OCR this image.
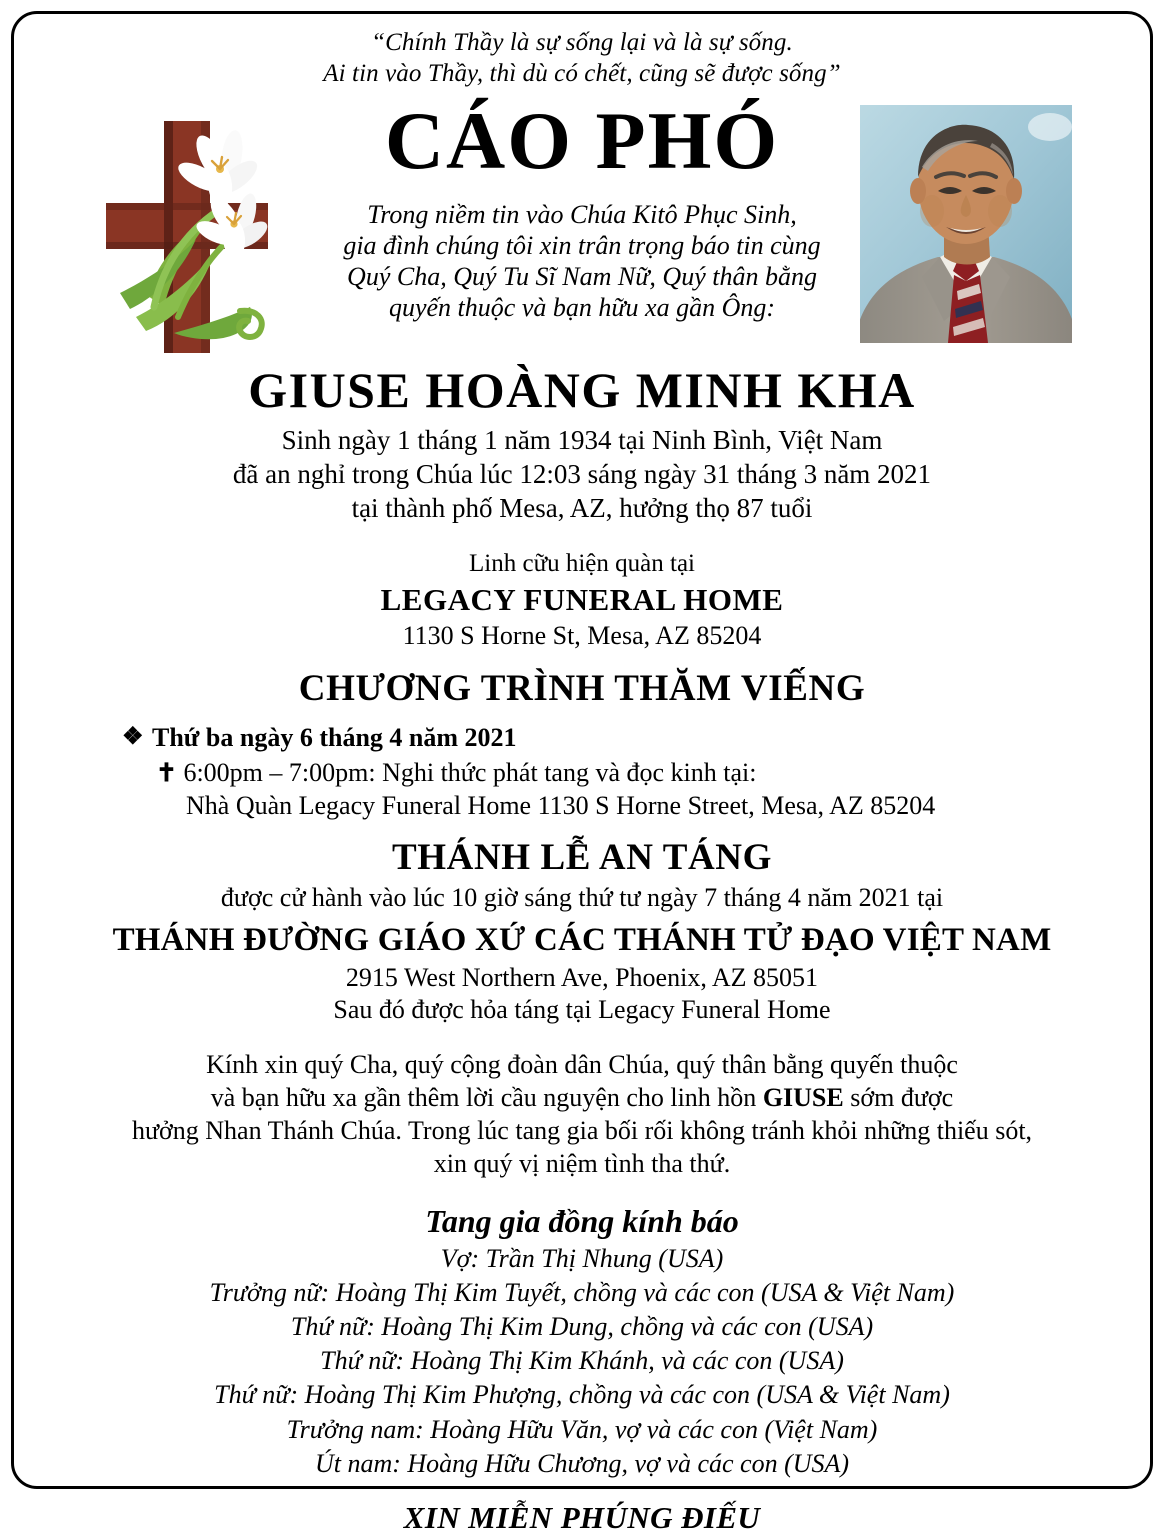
“Chính Thầy là sự sống lại và là sự sống.
Ai tin vào Thầy, thì dù có chết, cũng sẽ được sống”
CÁO PHÓ
Trong niềm tin vào Chúa Kitô Phục Sinh,
gia đình chúng tôi xin trân trọng báo tin cùng
Quý Cha, Quý Tu Sĩ Nam Nữ, Quý thân bằng
quyến thuộc và bạn hữu xa gần Ông:
GIUSE HOÀNG MINH KHA
Sinh ngày 1 tháng 1 năm 1934 tại Ninh Bình, Việt Nam
đã an nghỉ trong Chúa lúc 12:03 sáng ngày 31 tháng 3 năm 2021
tại thành phố Mesa, AZ, hưởng thọ 87 tuổi
Linh cữu hiện quàn tại
LEGACY FUNERAL HOME
1130 S Horne St, Mesa, AZ 85204
CHƯƠNG TRÌNH THĂM VIẾNG
❖ Thứ ba ngày 6 tháng 4 năm 2021
✝ 6:00pm – 7:00pm: Nghi thức phát tang và đọc kinh tại:
Nhà Quàn Legacy Funeral Home 1130 S Horne Street, Mesa, AZ 85204
THÁNH LỄ AN TÁNG
được cử hành vào lúc 10 giờ sáng thứ tư ngày 7 tháng 4 năm 2021 tại
THÁNH ĐƯỜNG GIÁO XỨ CÁC THÁNH TỬ ĐẠO VIỆT NAM
2915 West Northern Ave, Phoenix, AZ 85051
Sau đó được hỏa táng tại Legacy Funeral Home
Kính xin quý Cha, quý cộng đoàn dân Chúa, quý thân bằng quyến thuộc
và bạn hữu xa gần thêm lời cầu nguyện cho linh hồn GIUSE sớm được
hưởng Nhan Thánh Chúa. Trong lúc tang gia bối rối không tránh khỏi những thiếu sót,
xin quý vị niệm tình tha thứ.
Tang gia đồng kính báo
Vợ: Trần Thị Nhung (USA)
Trưởng nữ: Hoàng Thị Kim Tuyết, chồng và các con (USA & Việt Nam)
Thứ nữ: Hoàng Thị Kim Dung, chồng và các con (USA)
Thứ nữ: Hoàng Thị Kim Khánh, và các con (USA)
Thứ nữ: Hoàng Thị Kim Phượng, chồng và các con (USA & Việt Nam)
Trưởng nam: Hoàng Hữu Văn, vợ và các con (Việt Nam)
Út nam: Hoàng Hữu Chương, vợ và các con (USA)
XIN MIỄN PHÚNG ĐIẾU
